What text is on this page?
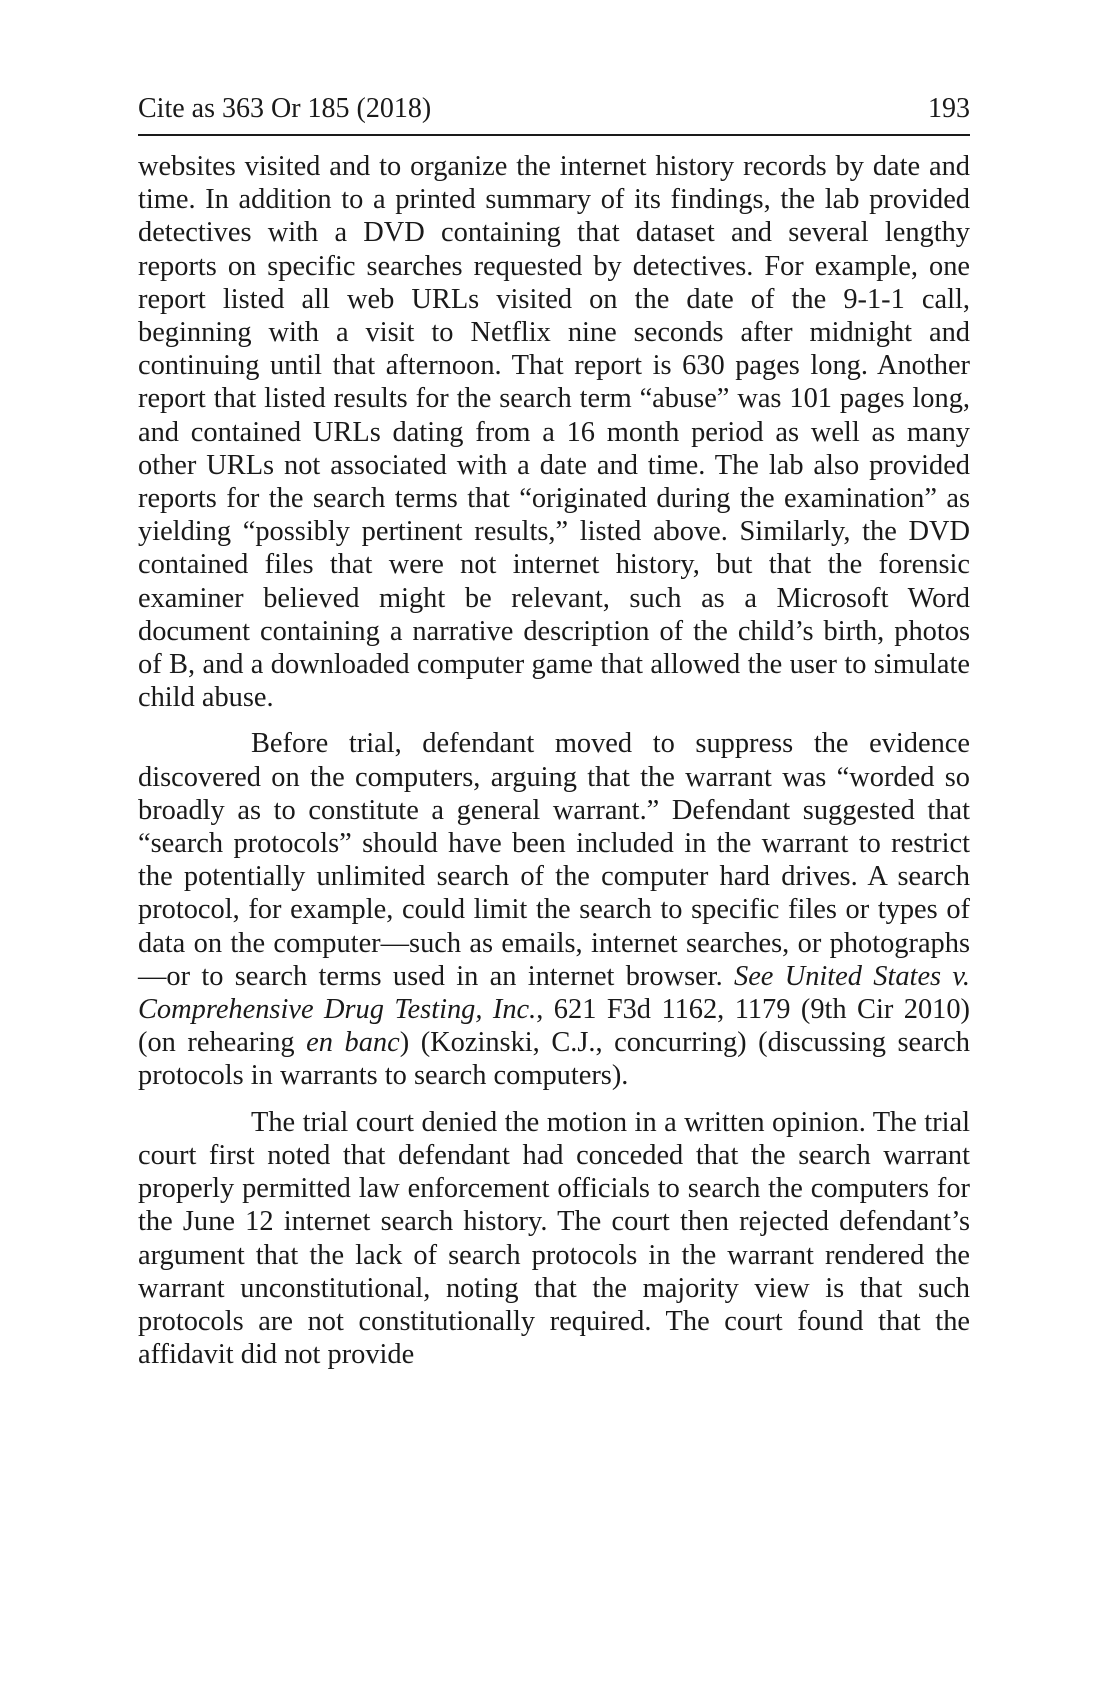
Cite as 363 Or 185 (2018)	193

websites visited and to organize the internet history records by date and time. In addition to a printed summary of its findings, the lab provided detectives with a DVD containing that dataset and several lengthy reports on specific searches requested by detectives. For example, one report listed all web URLs visited on the date of the 9-1-1 call, beginning with a visit to Netflix nine seconds after midnight and continuing until that afternoon. That report is 630 pages long. Another report that listed results for the search term “abuse” was 101 pages long, and contained URLs dating from a 16 month period as well as many other URLs not associated with a date and time. The lab also provided reports for the search terms that “originated during the examination” as yielding “possibly pertinent results,” listed above. Similarly, the DVD contained files that were not internet history, but that the forensic examiner believed might be relevant, such as a Microsoft Word document containing a narrative description of the child’s birth, photos of B, and a downloaded computer game that allowed the user to simulate child abuse.

Before trial, defendant moved to suppress the evidence discovered on the computers, arguing that the warrant was “worded so broadly as to constitute a general warrant.” Defendant suggested that “search protocols” should have been included in the warrant to restrict the potentially unlimited search of the computer hard drives. A search protocol, for example, could limit the search to specific files or types of data on the computer—such as emails, internet searches, or photographs—or to search terms used in an internet browser. See United States v. Comprehensive Drug Testing, Inc., 621 F3d 1162, 1179 (9th Cir 2010) (on rehearing en banc) (Kozinski, C.J., concurring) (discussing search protocols in warrants to search computers).

The trial court denied the motion in a written opinion. The trial court first noted that defendant had conceded that the search warrant properly permitted law enforcement officials to search the computers for the June 12 internet search history. The court then rejected defendant’s argument that the lack of search protocols in the warrant rendered the warrant unconstitutional, noting that the majority view is that such protocols are not constitutionally required. The court found that the affidavit did not provide
